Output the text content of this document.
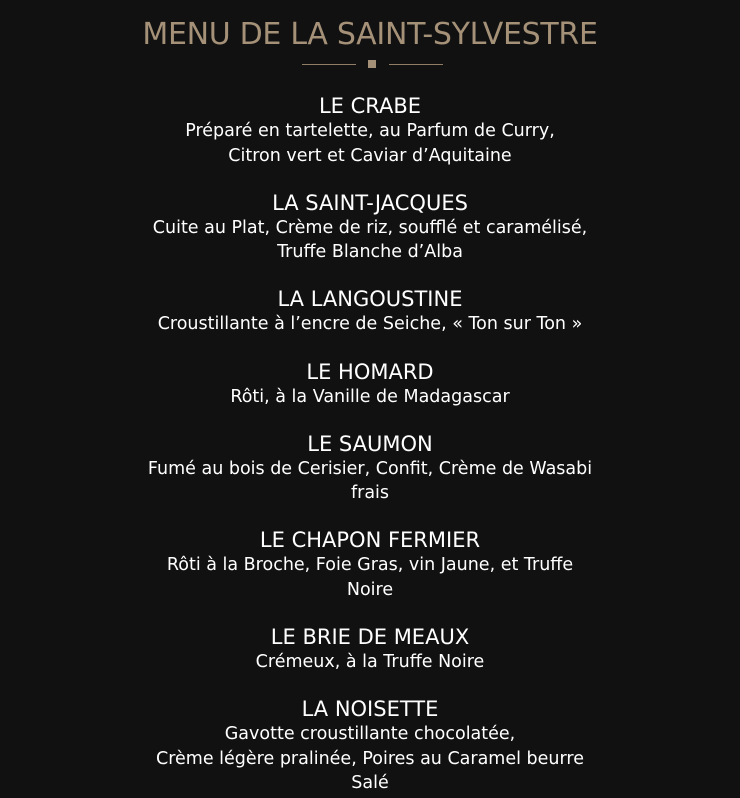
MENU DE LA SAINT-SYLVESTRE
LE CRABE
Préparé en tartelette, au Parfum de Curry,
Citron vert et Caviar d’Aquitaine
LA SAINT-JACQUES
Cuite au Plat, Crème de riz, soufflé et caramélisé,
Truffe Blanche d’Alba
LA LANGOUSTINE
Croustillante à l’encre de Seiche, « Ton sur Ton »
LE HOMARD
Rôti, à la Vanille de Madagascar
LE SAUMON
Fumé au bois de Cerisier, Confit, Crème de Wasabi
frais
LE CHAPON FERMIER
Rôti à la Broche, Foie Gras, vin Jaune, et Truffe
Noire
LE BRIE DE MEAUX
Crémeux, à la Truffe Noire
LA NOISETTE
Gavotte croustillante chocolatée,
Crème légère pralinée, Poires au Caramel beurre
Salé
